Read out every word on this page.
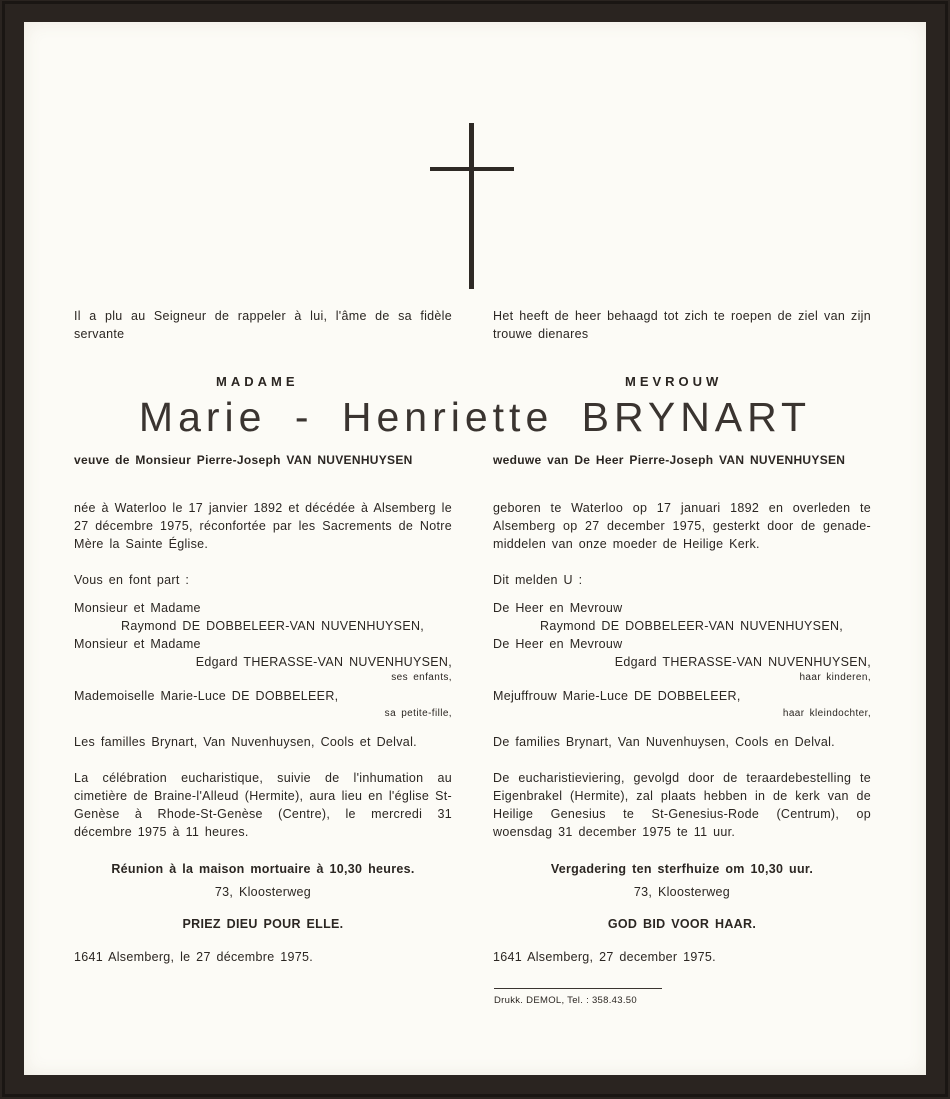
MADAME	MEVROUW
Marie - Henriette BRYNART
Il a plu au Seigneur de rappeler à lui, l'âme de sa fidèle servante
veuve de Monsieur Pierre-Joseph VAN NUVENHUYSEN
née à Waterloo le 17 janvier 1892 et décédée à Alsemberg le 27 décembre 1975, réconfortée par les Sacrements de Notre Mère la Sainte Église.
Vous en font part :
Monsieur et Madame
Raymond DE DOBBELEER-VAN NUVENHUYSEN,
Monsieur et Madame
Edgard THERASSE-VAN NUVENHUYSEN,
ses enfants,
Mademoiselle Marie-Luce DE DOBBELEER,
sa petite-fille,
Les familles Brynart, Van Nuvenhuysen, Cools et Delval.
La célébration eucharistique, suivie de l'inhumation au cimetière de Braine-l'Alleud (Hermite), aura lieu en l'église St-Genèse à Rhode-St-Genèse (Centre), le mercredi 31 décembre 1975 à 11 heures.
Réunion à la maison mortuaire à 10,30 heures.
73, Kloosterweg
PRIEZ DIEU POUR ELLE.
1641 Alsemberg, le 27 décembre 1975.
Het heeft de heer behaagd tot zich te roepen de ziel van zijn trouwe dienares
weduwe van De Heer Pierre-Joseph VAN NUVENHUYSEN
geboren te Waterloo op 17 januari 1892 en overleden te Alsemberg op 27 december 1975, gesterkt door de genade-middelen van onze moeder de Heilige Kerk.
Dit melden U :
De Heer en Mevrouw
Raymond DE DOBBELEER-VAN NUVENHUYSEN,
De Heer en Mevrouw
Edgard THERASSE-VAN NUVENHUYSEN,
haar kinderen,
Mejuffrouw Marie-Luce DE DOBBELEER,
haar kleindochter,
De families Brynart, Van Nuvenhuysen, Cools en Delval.
De eucharistieviering, gevolgd door de teraardebestelling te Eigenbrakel (Hermite), zal plaats hebben in de kerk van de Heilige Genesius te St-Genesius-Rode (Centrum), op woensdag 31 december 1975 te 11 uur.
Vergadering ten sterfhuize om 10,30 uur.
73, Kloosterweg
GOD BID VOOR HAAR.
1641 Alsemberg, 27 december 1975.
Drukk. DEMOL, Tel. : 358.43.50
